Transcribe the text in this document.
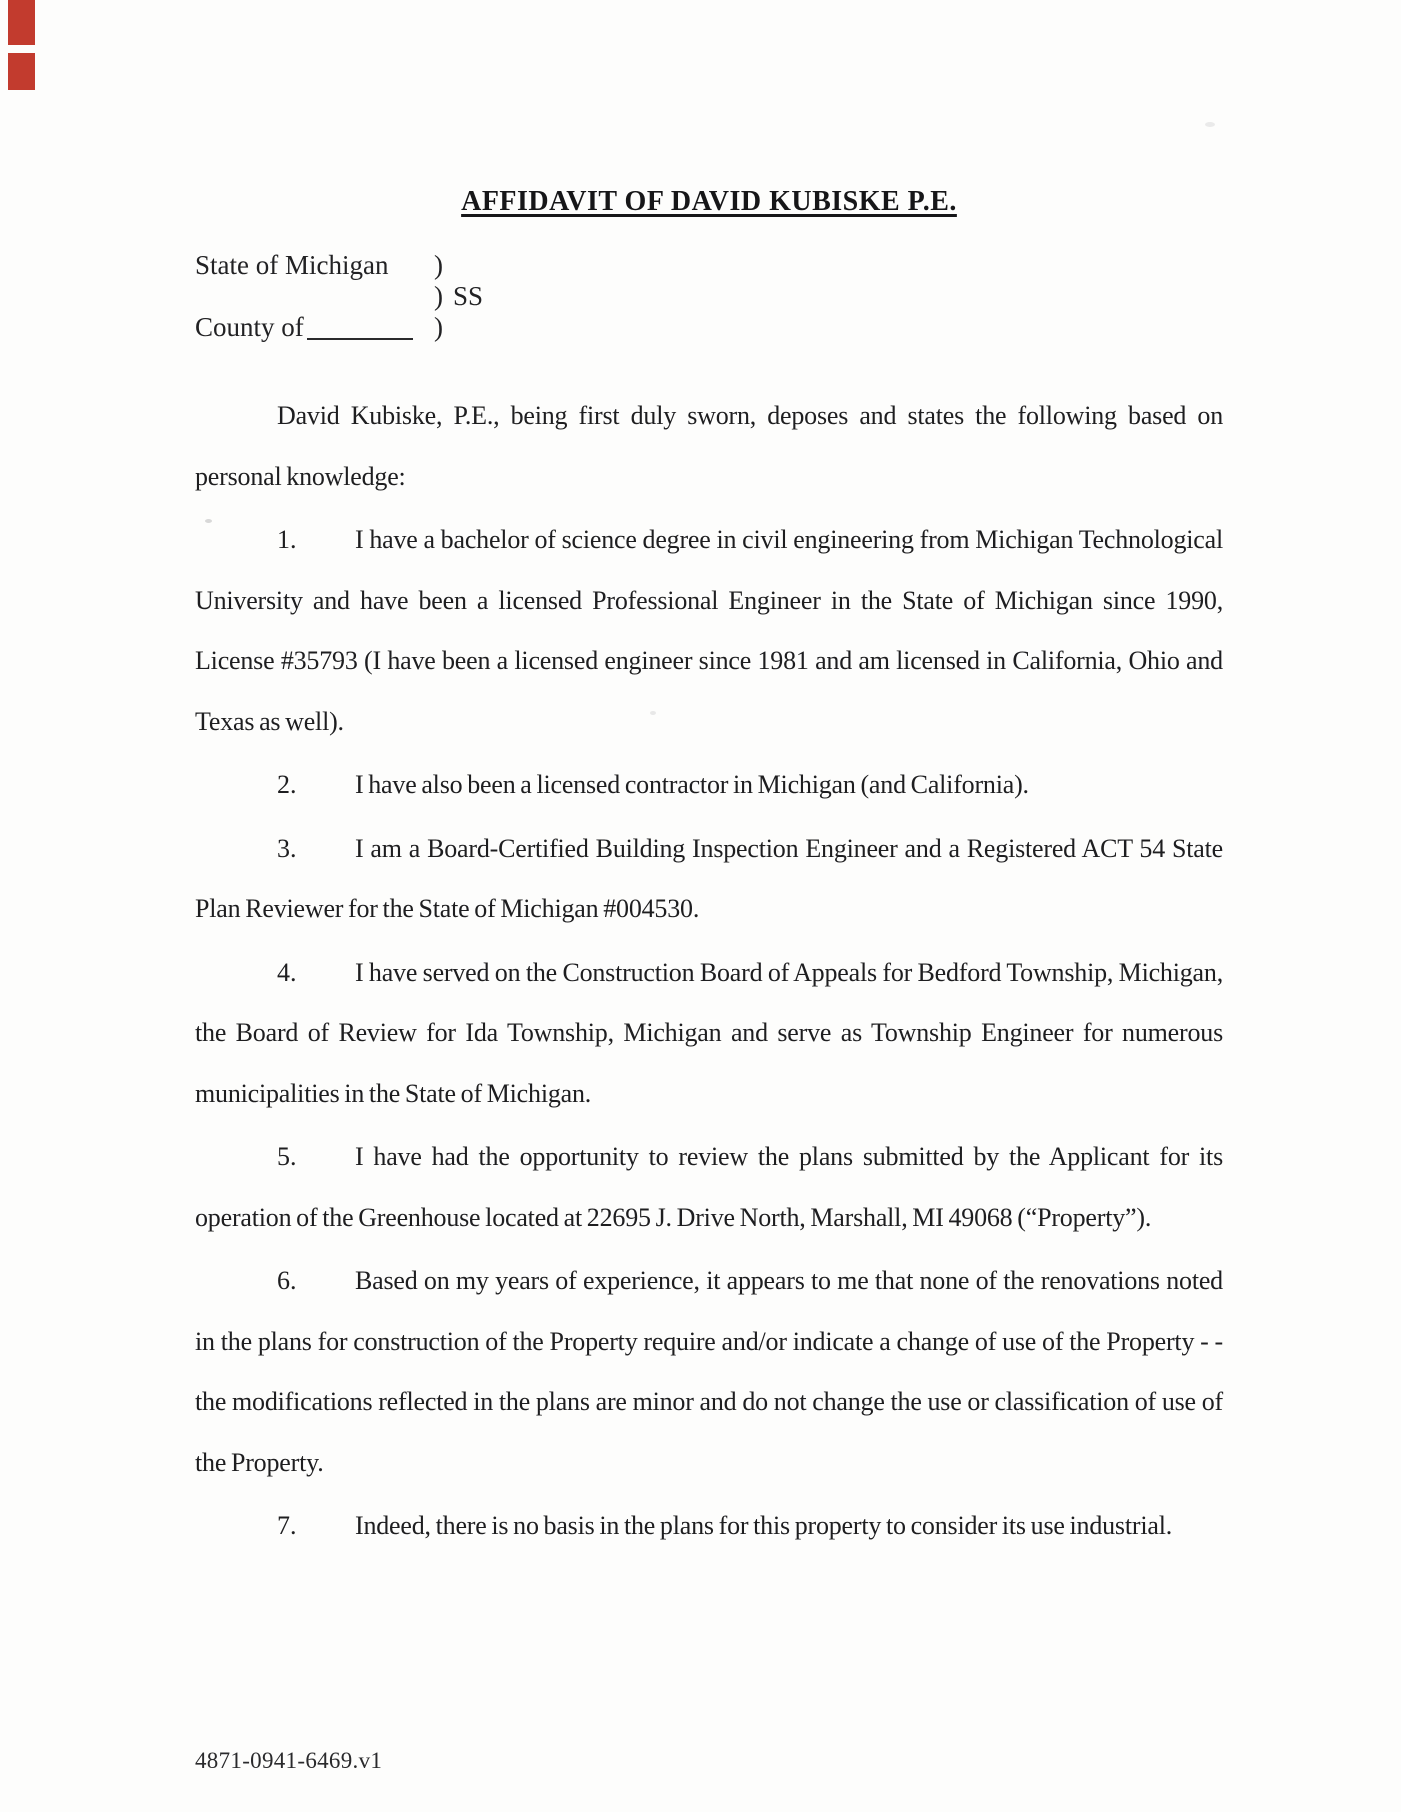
AFFIDAVIT OF DAVID KUBISKE P.E.
State of Michigan )
) SS
County of	)

David Kubiske, P.E., being first duly sworn, deposes and states the following based on personal knowledge:

1. I have a bachelor of science degree in civil engineering from Michigan Technological University and have been a licensed Professional Engineer in the State of Michigan since 1990, License #35793 (I have been a licensed engineer since 1981 and am licensed in California, Ohio and Texas as well).

2. I have also been a licensed contractor in Michigan (and California).

3. I am a Board-Certified Building Inspection Engineer and a Registered ACT 54 State Plan Reviewer for the State of Michigan #004530.

4. I have served on the Construction Board of Appeals for Bedford Township, Michigan, the Board of Review for Ida Township, Michigan and serve as Township Engineer for numerous municipalities in the State of Michigan.

5. I have had the opportunity to review the plans submitted by the Applicant for its operation of the Greenhouse located at 22695 J. Drive North, Marshall, MI 49068 (“Property”).

6. Based on my years of experience, it appears to me that none of the renovations noted in the plans for construction of the Property require and/or indicate a change of use of the Property - - the modifications reflected in the plans are minor and do not change the use or classification of use of the Property.

7. Indeed, there is no basis in the plans for this property to consider its use industrial.

4871-0941-6469.v1
